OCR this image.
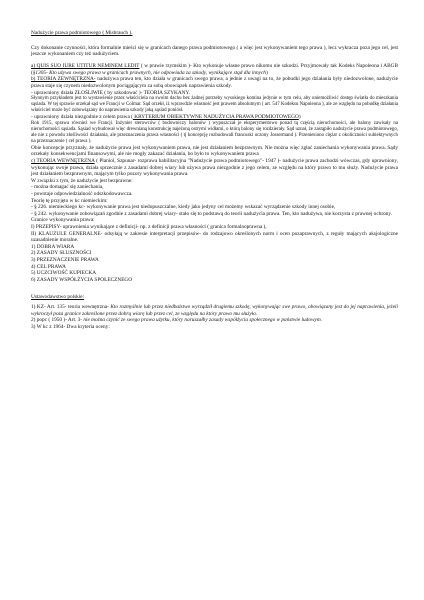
Nadużycie prawa podmiotowego ( Misbrauch ).

Czy dokonanie czynności, która formalnie mieści się w granicach danego prawa podmiotowego ( a więc jest wykonywaniem tego prawa ), lecz wykracza poza jego cel, jest jeszcze wykonaniem czy też nadużyciem.

a) QUIS SUO IURE UTITUR NEMINEM LEDIT ( w prawie rzymskim )- Kto wykonuje własne prawo nikomu nie szkodzi. Przyjmowały tak Kodeks Napoleona i ABGB (§1305- Kto używa swego prawa w granicach prawnych, nie odpowiada za szkody, wynikające stąd dla innych)

b) TEORIA ZEWNĘTRZNA- nadużywa prawa ten, kto działa w granicach swego prawa, a jednie z uwagi na to, że pobudki jego działania były niedozwolone, nadużycie prawa staje się czynem niedozwolonym pociągającym za sobą obowiązek naprawienia szkody.

- uprawniony działa ZŁOŚLIWIE ( by szkodować )- TEORIA SZYKANY.

Słynnym przykładem jest to wystawienie przez właściciela na swoim dachu bez żadnej potrzeby wysokiego komina jedynie w tym celu, aby uniemożliwić dostęp światła do mieszkania sąsiada. W tej sprawie orzekał sąd we Francji w Colmar. Sąd orzekł, iż wprawdzie własność jest prawem absolutnym ( art. 547 Kodeksu Napoleona ), ale ze względu na pobudkę działania właściciel może być zobowiązany do naprawienia szkody jaką sąsiad poniósł.

- uprawniony działa niezgodnie z celem prawa ( KRYTERIUM OBIEKTYWNE NADUŻYCIA PRAWA PODMIOTOWEGO)

Rok 1915, sprawa również we Francji. Inżynier sterowców ( budowniczy balonów ) wypuszczał je eksperymentowo ponad tą częścią nieruchomości, ale balony zawisały na nieruchomości sąsiada. Sąsiad wybudował więc drewnianą konstrukcję najeżoną ostrymi widłami, o którą balony się rozdzierały. Sąd uznał, że zastąpiło nadużycie prawa podmiotowego, ale nie z powodu złośliwości działania, ale przeznaczenia prawa własności ( tj koncepcję rozbudowali francuski uczony Jossermand ). Przeniesiono ciężar z okoliczności subiektywnych na przeznaczenie ( cel prawa ).

Obie koncepcje przyznały, że nadużycie prawa jest wykonywaniem prawa, nie jest działaniem bezprawnym. Nie można więc zgłać zaniechania wykonywania prawa. Sądy orzekały konsekwencjami finansowymi, ale nie mogły zakazać działania, bo było to wykonywaniem prawa

c) TEORIA WEWNĘTRZNA ( Planiol, Szpunar- rozprawa habilitacyjna "Nadużycie prawa podmiotowego"- 1947 )- nadużycie prawa zachodzi wówczas, gdy uprawniony, wykonując swoje prawa, działa sprzecznie z zasadami dobrej wiary lub używa prawa niezgodnie z jego celem, ze względu na który prawo to mu służy. Nadużycie prawa jest działaniem bezprawnym, mającym tylko pozory wykonywania prawa.

W związku z tym, że nadużycie jest bezprawne:

- można domagać się zaniechania,

- powstaje odpowiedzialność odszkodowawcza.

Teorię tę przyjęto w kc niemieckim:

- § 226. niemieckiego kc- wykonywanie prawa jest niedopuszczalne, kiedy jako jedyny cel możemy wskazać wyrządzenie szkody innej osobie,

- § 242. wykonywanie zobowiązań zgodnie z zasadami dobrej wiary- stało się to podstawą do teorii nadużycia prawa. Ten, kto nadużywa, nie korzysta z prawnej ochrony.

Granice wykonywania prawa:

I) PRZEPISY- uprawnienia wynikające z definicji- np. z definicji prawa własności ( granica formalnoprawna ),

II) KLAUZULE GENERALNE- odsyłają w zakresie interpretacji przepisów- do rodzajowo określonych norm i ocen pozaprawnych, z reguły mających aksjologiczne uzasadnienie moralne.

1) DOBRA WIARA

2) ZASADY SŁUSZNOŚCI

3) PRZEZNACZENIE PRAWA

4) CEL PRAWA

5) UCZCIWOŚĆ KUPIECKA

6) ZASADY WSPÓŁŻYCIA SPOŁECZNEGO

Ustawodawstwo polskie:

1) KZ- Art. 135- teoria wewnętrzna- Kto rozmyślnie lub przez niedbalstwo wyrządził drugiemu szkodę, wykonywając swe prawo, obowiązany jest do jej naprawienia, jeżeli wykroczył poza granice zakreślone przez dobrą wiarę lub przez cel, ze względu na który prawo mu służyło.

2) popc ( 1950 )- Art. 3- nie można czynić ze swego prawa użytku, który naruszałby zasady współżycia społecznego w państwie ludowym.

3) W kc z 1964- Dwa kryteria oceny:
